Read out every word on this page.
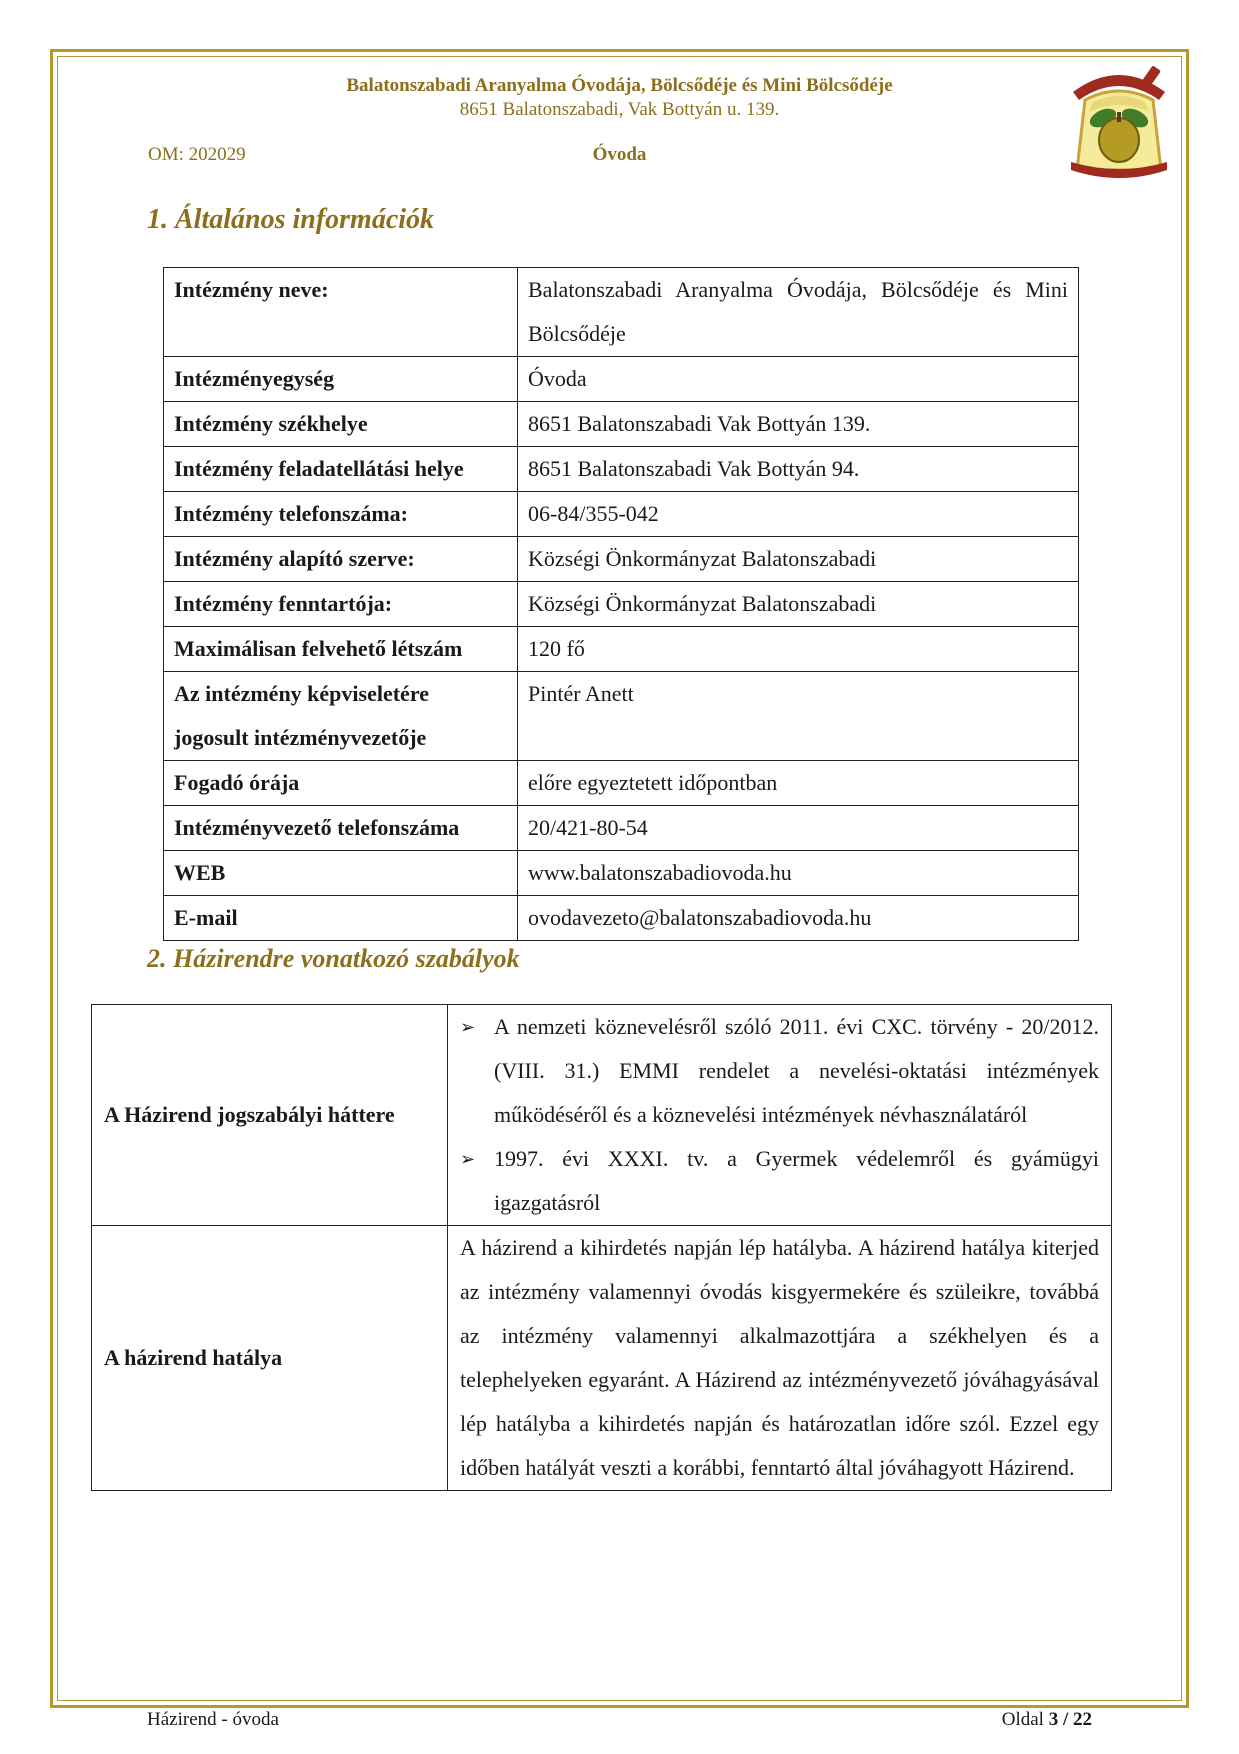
Balatonszabadi Aranyalma Óvodája, Bölcsődéje és Mini Bölcsődéje
8651 Balatonszabadi, Vak Bottyán u. 139.
OM: 202029	Óvoda
1. Általános információk
Intézmény neve:	Balatonszabadi Aranyalma Óvodája, Bölcsődéje és Mini Bölcsődéje
Intézményegység	Óvoda
Intézmény székhelye	8651 Balatonszabadi Vak Bottyán 139.
Intézmény feladatellátási helye	8651 Balatonszabadi Vak Bottyán 94.
Intézmény telefonszáma:	06-84/355-042
Intézmény alapító szerve:	Községi Önkormányzat Balatonszabadi
Intézmény fenntartója:	Községi Önkormányzat Balatonszabadi
Maximálisan felvehető létszám	120 fő
Az intézmény képviseletére jogosult intézményvezetője	Pintér Anett
Fogadó órája	előre egyeztetett időpontban
Intézményvezető telefonszáma	20/421-80-54
WEB	www.balatonszabadiovoda.hu
E-mail	ovodavezeto@balatonszabadiovoda.hu
2. Házirendre vonatkozó szabályok
A Házirend jogszabályi háttere	➢ A nemzeti köznevelésről szóló 2011. évi CXC. törvény - 20/2012. (VIII. 31.) EMMI rendelet a nevelési-oktatási intézmények működéséről és a köznevelési intézmények névhasználatáról
➢ 1997. évi XXXI. tv. a Gyermek védelemről és gyámügyi igazgatásról

A házirend hatálya	A házirend a kihirdetés napján lép hatályba. A házirend hatálya kiterjed az intézmény valamennyi óvodás kisgyermekére és szüleikre, továbbá az intézmény valamennyi alkalmazottjára a székhelyen és a telephelyeken egyaránt. A Házirend az intézményvezető jóváhagyásával lép hatályba a kihirdetés napján és határozatlan időre szól. Ezzel egy időben hatályát veszti a korábbi, fenntartó által jóváhagyott Házirend.
Házirend - óvoda	Oldal 3 / 22
